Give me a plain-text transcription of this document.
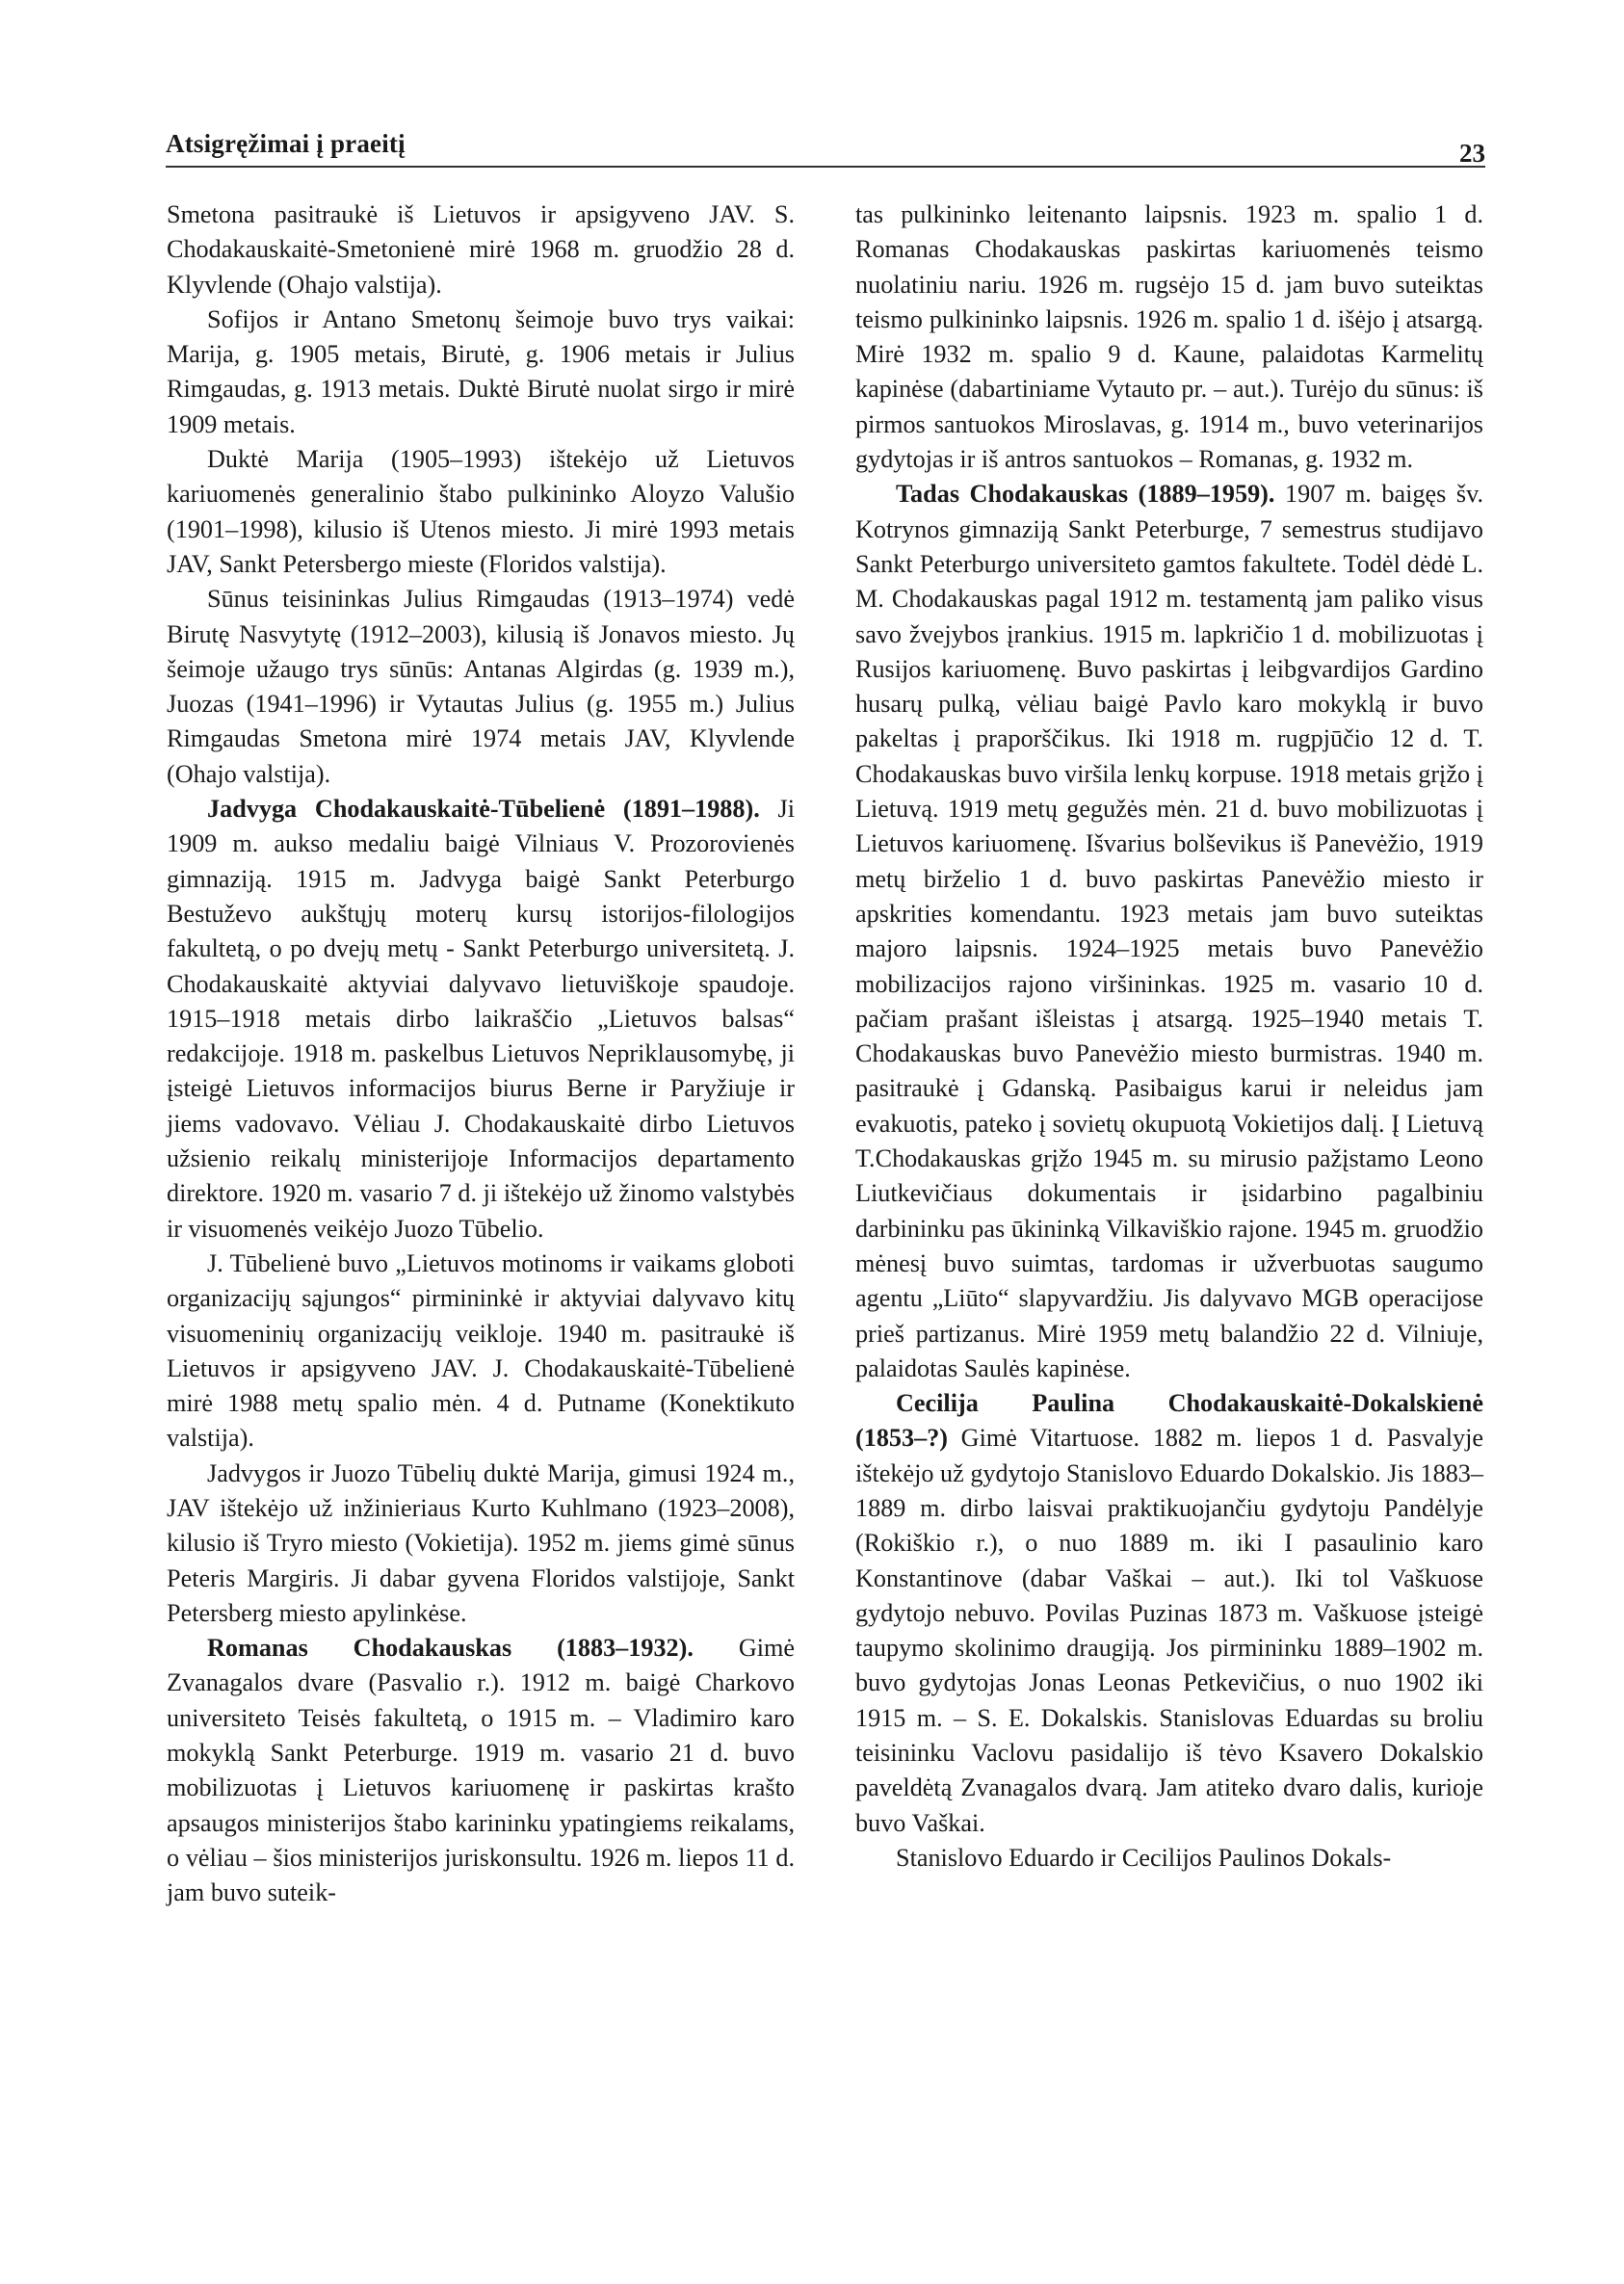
Atsigręžimai į praeitį	23

Smetona pasitraukė iš Lietuvos ir apsigyveno JAV. S. Chodakauskaitė-Smetonienė mirė 1968 m. gruodžio 28 d. Klyvlende (Ohajo valstija).

Sofijos ir Antano Smetonų šeimoje buvo trys vaikai: Marija, g. 1905 metais, Birutė, g. 1906 metais ir Julius Rimgaudas, g. 1913 metais. Duktė Birutė nuolat sirgo ir mirė 1909 metais.

Duktė Marija (1905–1993) ištekėjo už Lietuvos kariuomenės generalinio štabo pulkininko Aloyzo Valušio (1901–1998), kilusio iš Utenos miesto. Ji mirė 1993 metais JAV, Sankt Petersbergo mieste (Floridos valstija).

Sūnus teisininkas Julius Rimgaudas (1913–1974) vedė Birutę Nasvytytę (1912–2003), kilusią iš Jonavos miesto. Jų šeimoje užaugo trys sūnūs: Antanas Algirdas (g. 1939 m.), Juozas (1941–1996) ir Vytautas Julius (g. 1955 m.) Julius Rimgaudas Smetona mirė 1974 metais JAV, Klyvlende (Ohajo valstija).

Jadvyga Chodakauskaitė-Tūbelienė (1891–1988). Ji 1909 m. aukso medaliu baigė Vilniaus V. Prozorovienės gimnaziją. 1915 m. Jadvyga baigė Sankt Peterburgo Bestuževo aukštųjų moterų kursų istorijos-filologijos fakultetą, o po dvejų metų - Sankt Peterburgo universitetą. J. Chodakauskaitė aktyviai dalyvavo lietuviškoje spaudoje. 1915–1918 metais dirbo laikraščio „Lietuvos balsas“ redakcijoje. 1918 m. paskelbus Lietuvos Nepriklausomybę, ji įsteigė Lietuvos informacijos biurus Berne ir Paryžiuje ir jiems vadovavo. Vėliau J. Chodakauskaitė dirbo Lietuvos užsienio reikalų ministerijoje Informacijos departamento direktore. 1920 m. vasario 7 d. ji ištekėjo už žinomo valstybės ir visuomenės veikėjo Juozo Tūbelio.

J. Tūbelienė buvo „Lietuvos motinoms ir vaikams globoti organizacijų sąjungos“ pirmininkė ir aktyviai dalyvavo kitų visuomeninių organizacijų veikloje. 1940 m. pasitraukė iš Lietuvos ir apsigyveno JAV. J. Chodakauskaitė-Tūbelienė mirė 1988 metų spalio mėn. 4 d. Putname (Konektikuto valstija).

Jadvygos ir Juozo Tūbelių duktė Marija, gimusi 1924 m., JAV ištekėjo už inžinieriaus Kurto Kuhlmano (1923–2008), kilusio iš Tryro miesto (Vokietija). 1952 m. jiems gimė sūnus Peteris Margiris. Ji dabar gyvena Floridos valstijoje, Sankt Petersberg miesto apylinkėse.

Romanas Chodakauskas (1883–1932). Gimė Zvanagalos dvare (Pasvalio r.). 1912 m. baigė Charkovo universiteto Teisės fakultetą, o 1915 m. – Vladimiro karo mokyklą Sankt Peterburge. 1919 m. vasario 21 d. buvo mobilizuotas į Lietuvos kariuomenę ir paskirtas krašto apsaugos ministerijos štabo karininku ypatingiems reikalams, o vėliau – šios ministerijos juriskonsultu. 1926 m. liepos 11 d. jam buvo suteik-

tas pulkininko leitenanto laipsnis. 1923 m. spalio 1 d. Romanas Chodakauskas paskirtas kariuomenės teismo nuolatiniu nariu. 1926 m. rugsėjo 15 d. jam buvo suteiktas teismo pulkininko laipsnis. 1926 m. spalio 1 d. išėjo į atsargą. Mirė 1932 m. spalio 9 d. Kaune, palaidotas Karmelitų kapinėse (dabartiniame Vytauto pr. – aut.). Turėjo du sūnus: iš pirmos santuokos Miroslavas, g. 1914 m., buvo veterinarijos gydytojas ir iš antros santuokos – Romanas, g. 1932 m.

Tadas Chodakauskas (1889–1959). 1907 m. baigęs šv. Kotrynos gimnaziją Sankt Peterburge, 7 semestrus studijavo Sankt Peterburgo universiteto gamtos fakultete. Todėl dėdė L. M. Chodakauskas pagal 1912 m. testamentą jam paliko visus savo žvejybos įrankius. 1915 m. lapkričio 1 d. mobilizuotas į Rusijos kariuomenę. Buvo paskirtas į leibgvardijos Gardino husarų pulką, vėliau baigė Pavlo karo mokyklą ir buvo pakeltas į praporščikus. Iki 1918 m. rugpjūčio 12 d. T. Chodakauskas buvo viršila lenkų korpuse. 1918 metais grįžo į Lietuvą. 1919 metų gegužės mėn. 21 d. buvo mobilizuotas į Lietuvos kariuomenę. Išvarius bolševikus iš Panevėžio, 1919 metų birželio 1 d. buvo paskirtas Panevėžio miesto ir apskrities komendantu. 1923 metais jam buvo suteiktas majoro laipsnis. 1924–1925 metais buvo Panevėžio mobilizacijos rajono viršininkas. 1925 m. vasario 10 d. pačiam prašant išleistas į atsargą. 1925–1940 metais T. Chodakauskas buvo Panevėžio miesto burmistras. 1940 m. pasitraukė į Gdanską. Pasibaigus karui ir neleidus jam evakuotis, pateko į sovietų okupuotą Vokietijos dalį. Į Lietuvą T.Chodakauskas grįžo 1945 m. su mirusio pažįstamo Leono Liutkevičiaus dokumentais ir įsidarbino pagalbiniu darbininku pas ūkininką Vilkaviškio rajone. 1945 m. gruodžio mėnesį buvo suimtas, tardomas ir užverbuotas saugumo agentu „Liūto“ slapyvardžiu. Jis dalyvavo MGB operacijose prieš partizanus. Mirė 1959 metų balandžio 22 d. Vilniuje, palaidotas Saulės kapinėse.

Cecilija Paulina Chodakauskaitė-Dokalskienė (1853–?) Gimė Vitartuose. 1882 m. liepos 1 d. Pasvalyje ištekėjo už gydytojo Stanislovo Eduardo Dokalskio. Jis 1883–1889 m. dirbo laisvai praktikuojančiu gydytoju Pandėlyje (Rokiškio r.), o nuo 1889 m. iki I pasaulinio karo Konstantinove (dabar Vaškai – aut.). Iki tol Vaškuose gydytojo nebuvo. Povilas Puzinas 1873 m. Vaškuose įsteigė taupymo skolinimo draugiją. Jos pirmininku 1889–1902 m. buvo gydytojas Jonas Leonas Petkevičius, o nuo 1902 iki 1915 m. – S. E. Dokalskis. Stanislovas Eduardas su broliu teisininku Vaclovu pasidalijo iš tėvo Ksavero Dokalskio paveldėtą Zvanagalos dvarą. Jam atiteko dvaro dalis, kurioje buvo Vaškai.

Stanislovo Eduardo ir Cecilijos Paulinos Dokals-
